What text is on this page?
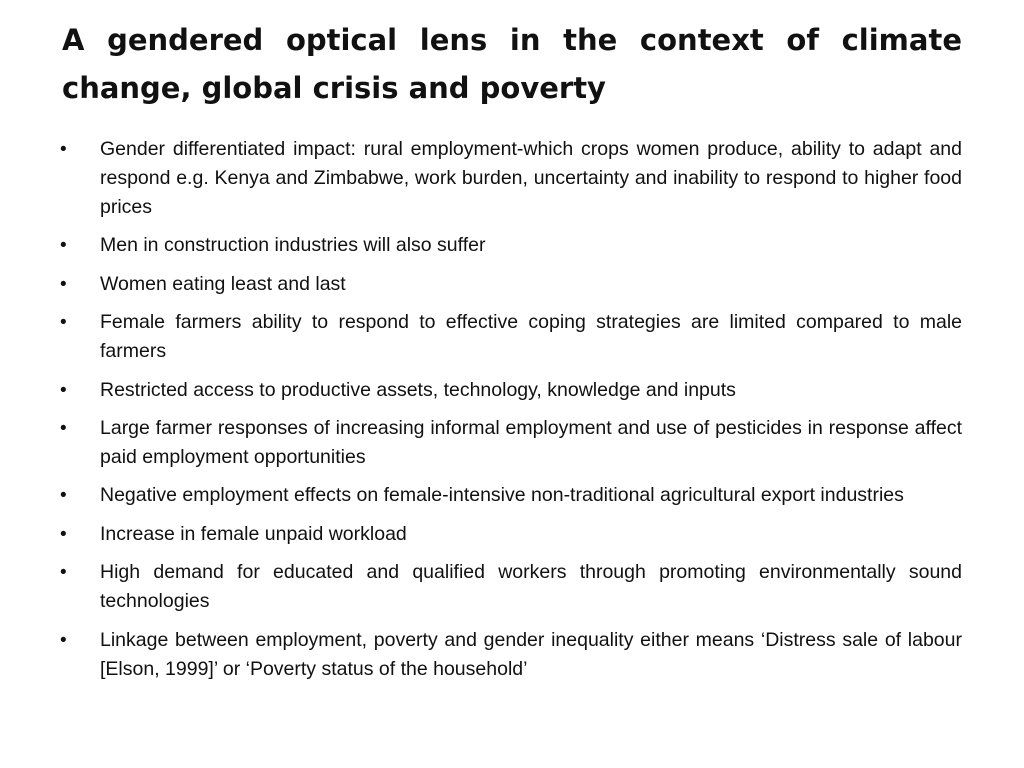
A gendered optical lens in the context of climate change, global crisis and poverty
•	Gender differentiated impact: rural employment-which crops women produce, ability to adapt and respond e.g. Kenya and Zimbabwe, work burden, uncertainty and inability to respond to higher food prices
•	Men in construction industries will also suffer
•	Women eating least and last
•	Female farmers ability to respond to effective coping strategies are limited compared to male farmers
•	Restricted access to productive assets, technology, knowledge and inputs
•	Large farmer responses of increasing informal employment and use of pesticides in response affect paid employment opportunities
•	Negative employment effects on female-intensive non-traditional agricultural export industries
•	Increase in female unpaid workload
•	High demand for educated and qualified workers through promoting environmentally sound technologies
•	Linkage between employment, poverty and gender inequality either means ‘Distress sale of labour [Elson, 1999]’ or ‘Poverty status of the household’
